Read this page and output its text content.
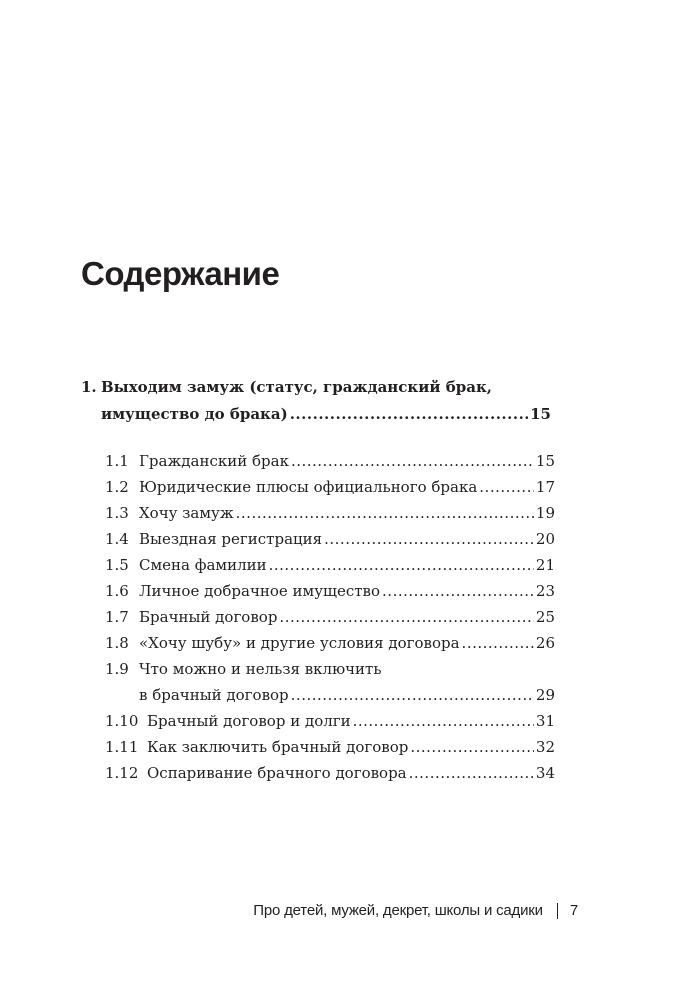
Содержание
1. Выходим замуж (статус, гражданский брак,
имущество до брака) .....	15
1.1 Гражданский брак .....	15
1.2 Юридические плюсы официального брака .....	17
1.3 Хочу замуж .....	19
1.4 Выездная регистрация .....	20
1.5 Смена фамилии .....	21
1.6 Личное добрачное имущество .....	23
1.7 Брачный договор .....	25
1.8 «Хочу шубу» и другие условия договора .....	26
1.9 Что можно и нельзя включить
в брачный договор .....	29
1.10 Брачный договор и долги .....	31
1.11 Как заключить брачный договор .....	32
1.12 Оспаривание брачного договора .....	34
Про детей, мужей, декрет, школы и садики 7
